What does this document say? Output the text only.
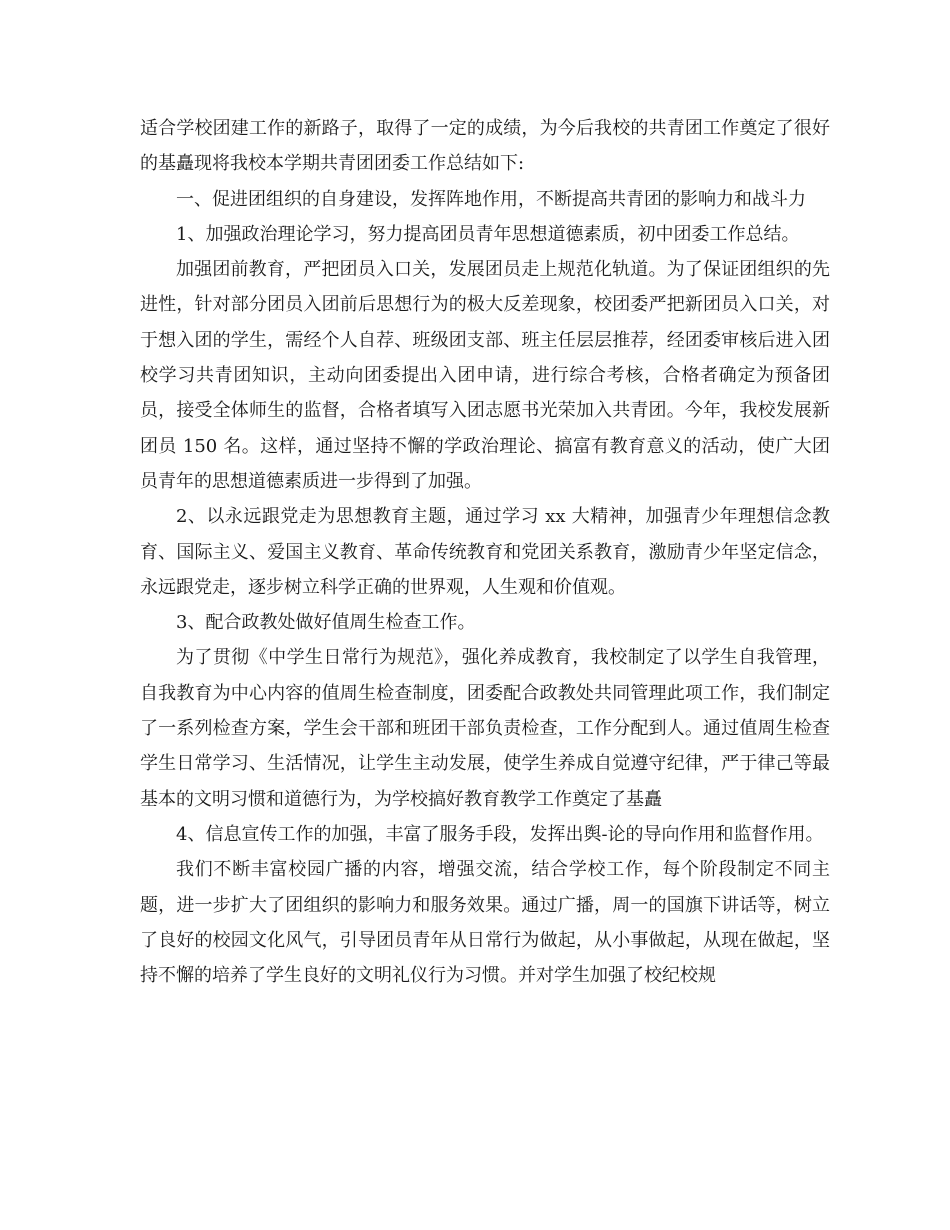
适合学校团建工作的新路子，取得了一定的成绩，为今后我校的共青团工作奠定了很好的基矗现将我校本学期共青团团委工作总结如下:

一、促进团组织的自身建设，发挥阵地作用，不断提高共青团的影响力和战斗力

1、加强政治理论学习，努力提高团员青年思想道德素质，初中团委工作总结。

加强团前教育，严把团员入口关，发展团员走上规范化轨道。为了保证团组织的先进性，针对部分团员入团前后思想行为的极大反差现象，校团委严把新团员入口关，对于想入团的学生，需经个人自荐、班级团支部、班主任层层推荐，经团委审核后进入团校学习共青团知识，主动向团委提出入团申请，进行综合考核，合格者确定为预备团员，接受全体师生的监督，合格者填写入团志愿书光荣加入共青团。今年，我校发展新团员 150 名。这样，通过坚持不懈的学政治理论、搞富有教育意义的活动，使广大团员青年的思想道德素质进一步得到了加强。

2、以永远跟党走为思想教育主题，通过学习 xx 大精神，加强青少年理想信念教育、国际主义、爱国主义教育、革命传统教育和党团关系教育，激励青少年坚定信念，永远跟党走，逐步树立科学正确的世界观，人生观和价值观。

3、配合政教处做好值周生检查工作。

为了贯彻《中学生日常行为规范》，强化养成教育，我校制定了以学生自我管理，自我教育为中心内容的值周生检查制度，团委配合政教处共同管理此项工作，我们制定了一系列检查方案，学生会干部和班团干部负责检查，工作分配到人。通过值周生检查学生日常学习、生活情况，让学生主动发展，使学生养成自觉遵守纪律，严于律己等最基本的文明习惯和道德行为，为学校搞好教育教学工作奠定了基矗

4、信息宣传工作的加强，丰富了服务手段，发挥出舆-论的导向作用和监督作用。

我们不断丰富校园广播的内容，增强交流，结合学校工作，每个阶段制定不同主题，进一步扩大了团组织的影响力和服务效果。通过广播，周一的国旗下讲话等，树立了良好的校园文化风气，引导团员青年从日常行为做起，从小事做起，从现在做起，坚持不懈的培养了学生良好的文明礼仪行为习惯。并对学生加强了校纪校规
